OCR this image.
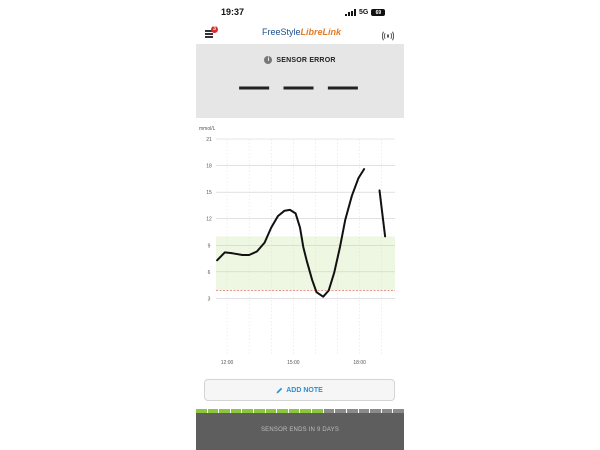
19:37	5G	69
3	FreeStyleLibreLink
i	SENSOR ERROR
— — —
mmol/L
3
6
9
12
15
18
21
12:00	15:00	18:00
ADD NOTE
SENSOR ENDS IN 9 DAYS
